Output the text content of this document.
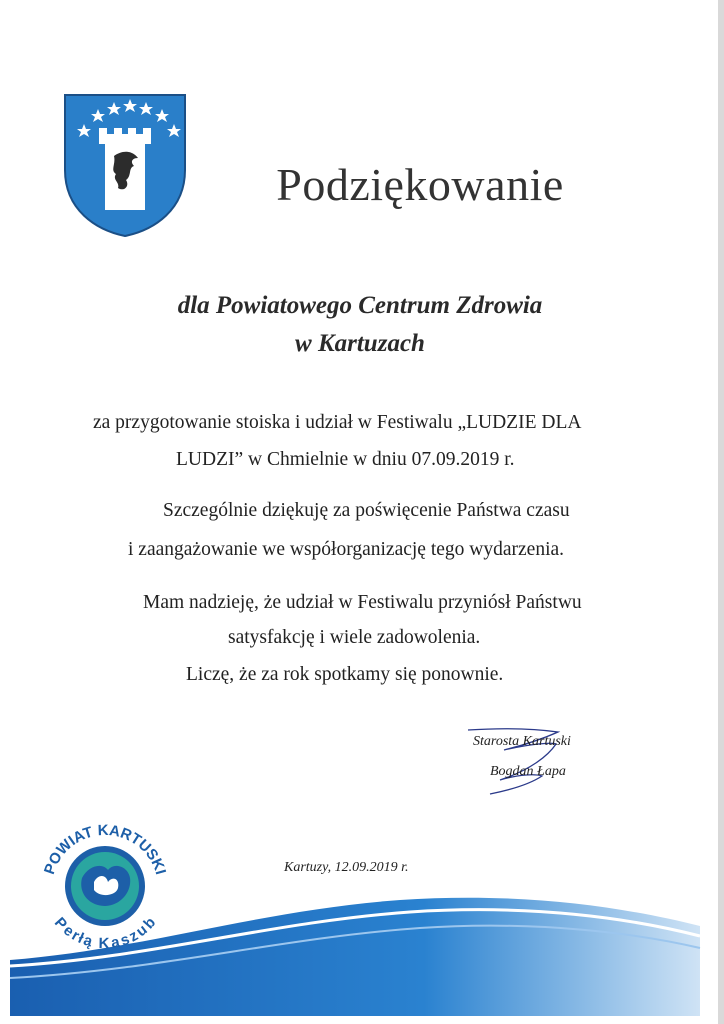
Podziękowanie
dla Powiatowego Centrum Zdrowia
w Kartuzach
za przygotowanie stoiska i udział w Festiwalu „LUDZIE DLA
LUDZI” w Chmielnie w dniu 07.09.2019 r.
Szczególnie dziękuję za poświęcenie Państwa czasu
i zaangażowanie we współorganizację tego wydarzenia.
Mam nadzieję, że udział w Festiwalu przyniósł Państwu
satysfakcję i wiele zadowolenia.
Liczę, że za rok spotkamy się ponownie.
Starosta Kartuski
Bogdan Łapa
Kartuzy, 12.09.2019 r.
POWIAT KARTUSKI
Perłą Kaszub
